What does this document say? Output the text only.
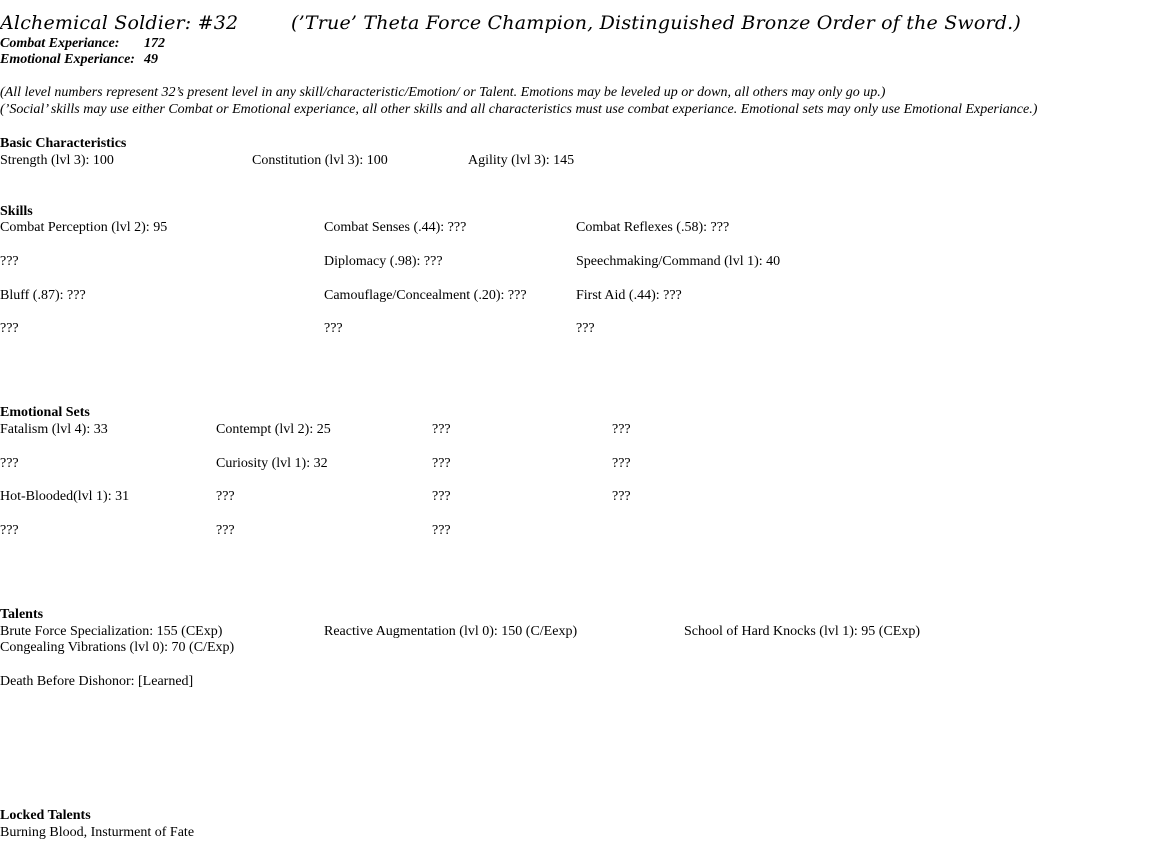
Alchemical Soldier: #32	(’True’ Theta Force Champion, Distinguished Bronze Order of the Sword.)
Combat Experiance: 172
Emotional Experiance: 49
(All level numbers represent 32’s present level in any skill/characteristic/Emotion/ or Talent. Emotions may be leveled up or down, all others may only go up.)
(’Social’ skills may use either Combat or Emotional experiance, all other skills and all characteristics must use combat experiance. Emotional sets may only use Emotional Experiance.)
Basic Characteristics
Strength (lvl 3): 100	Constitution (lvl 3): 100	Agility (lvl 3): 145
Skills
Combat Perception (lvl 2): 95	Combat Senses (.44): ???	Combat Reflexes (.58): ???
???	Diplomacy (.98): ???	Speechmaking/Command (lvl 1): 40
Bluff (.87): ???	Camouflage/Concealment (.20): ???	First Aid (.44): ???
???	???	???
Emotional Sets
Fatalism (lvl 4): 33	Contempt (lvl 2): 25	???	???
???	Curiosity (lvl 1): 32	???	???
Hot-Blooded(lvl 1): 31	???	???	???
???	???	???
Talents
Brute Force Specialization: 155 (CExp)	Reactive Augmentation (lvl 0): 150 (C/Eexp)	School of Hard Knocks (lvl 1): 95 (CExp)
Congealing Vibrations (lvl 0): 70 (C/Exp)
Death Before Dishonor: [Learned]
Locked Talents
Burning Blood, Insturment of Fate
